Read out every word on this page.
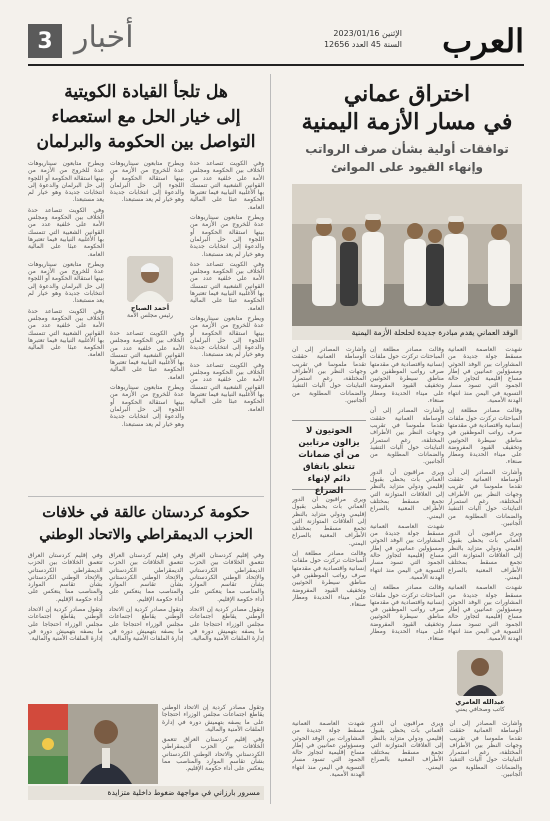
العرب
الإثنين 2023/01/16
السنة 45 العدد 12656
أخبار
3
اختراق عماني
في مسار الأزمة اليمنية
توافقات أولية بشأن صرف الرواتب
وإنهاء القيود على الموانئ
الوفد العماني يقدم مبادرة جديدة لحلحلة الأزمة اليمنية

شهدت العاصمة العمانية مسقط جولة جديدة من المشاورات بين الوفد الحوثي ومسؤولين عمانيين في إطار مساع إقليمية لتجاوز حالة الجمود التي تسود مسار التسوية في اليمن منذ انتهاء الهدنة الأممية.

وقالت مصادر مطلعة إن المباحثات تركزت حول ملفات إنسانية واقتصادية في مقدمتها صرف رواتب الموظفين في مناطق سيطرة الحوثيين وتخفيف القيود المفروضة على ميناء الحديدة ومطار صنعاء.

وأشارت المصادر إلى أن الوساطة العمانية حققت تقدما ملموسا في تقريب وجهات النظر بين الأطراف المختلفة، رغم استمرار التباينات حول آليات التنفيذ والضمانات المطلوبة من الجانبين.

ويرى مراقبون أن الدور العماني بات يحظى بقبول إقليمي ودولي متزايد بالنظر إلى العلاقات المتوازنة التي تجمع مسقط بمختلف الأطراف المعنية بالصراع اليمني.

شهدت العاصمة العمانية مسقط جولة جديدة من المشاورات بين الوفد الحوثي ومسؤولين عمانيين في إطار مساع إقليمية لتجاوز حالة الجمود التي تسود مسار التسوية في اليمن منذ انتهاء الهدنة الأممية.

وقالت مصادر مطلعة إن المباحثات تركزت حول ملفات إنسانية واقتصادية في مقدمتها صرف رواتب الموظفين في مناطق سيطرة الحوثيين وتخفيف القيود المفروضة على ميناء الحديدة ومطار صنعاء.

وأشارت المصادر إلى أن الوساطة العمانية حققت تقدما ملموسا في تقريب وجهات النظر بين الأطراف المختلفة، رغم استمرار التباينات حول آليات التنفيذ والضمانات المطلوبة من الجانبين.

ويرى مراقبون أن الدور العماني بات يحظى بقبول إقليمي ودولي متزايد بالنظر إلى العلاقات المتوازنة التي تجمع مسقط بمختلف الأطراف المعنية بالصراع اليمني.

شهدت العاصمة العمانية مسقط جولة جديدة من المشاورات بين الوفد الحوثي ومسؤولين عمانيين في إطار مساع إقليمية لتجاوز حالة الجمود التي تسود مسار التسوية في اليمن منذ انتهاء الهدنة الأممية.

وقالت مصادر مطلعة إن المباحثات تركزت حول ملفات إنسانية واقتصادية في مقدمتها صرف رواتب الموظفين في مناطق سيطرة الحوثيين وتخفيف القيود المفروضة على ميناء الحديدة ومطار صنعاء.

وأشارت المصادر إلى أن الوساطة العمانية حققت تقدما ملموسا في تقريب وجهات النظر بين الأطراف المختلفة، رغم استمرار التباينات حول آليات التنفيذ والضمانات المطلوبة من الجانبين.

الحوثيون لا يزالون مرتابين من أي ضمانات تتعلق باتفاق دائم لإنهاء الصراع

ويرى مراقبون أن الدور العماني بات يحظى بقبول إقليمي ودولي متزايد بالنظر إلى العلاقات المتوازنة التي تجمع مسقط بمختلف الأطراف المعنية بالصراع اليمني.

وقالت مصادر مطلعة إن المباحثات تركزت حول ملفات إنسانية واقتصادية في مقدمتها صرف رواتب الموظفين في مناطق سيطرة الحوثيين وتخفيف القيود المفروضة على ميناء الحديدة ومطار صنعاء.

عبدالله العامري
كاتب وصحافي يمني

وأشارت المصادر إلى أن الوساطة العمانية حققت تقدما ملموسا في تقريب وجهات النظر بين الأطراف المختلفة، رغم استمرار التباينات حول آليات التنفيذ والضمانات المطلوبة من الجانبين.

ويرى مراقبون أن الدور العماني بات يحظى بقبول إقليمي ودولي متزايد بالنظر إلى العلاقات المتوازنة التي تجمع مسقط بمختلف الأطراف المعنية بالصراع اليمني.

شهدت العاصمة العمانية مسقط جولة جديدة من المشاورات بين الوفد الحوثي ومسؤولين عمانيين في إطار مساع إقليمية لتجاوز حالة الجمود التي تسود مسار التسوية في اليمن منذ انتهاء الهدنة الأممية.

هل تلجأ القيادة الكويتية
إلى خيار الحل مع استعصاء
التواصل بين الحكومة والبرلمان

وفي الكويت تتصاعد حدة الخلاف بين الحكومة ومجلس الأمة على خلفية عدد من القوانين الشعبية التي تتمسك بها الأغلبية النيابية فيما تعتبرها الحكومة عبئا على المالية العامة.

ويطرح متابعون سيناريوهات عدة للخروج من الأزمة من بينها استقالة الحكومة أو اللجوء إلى حل البرلمان والدعوة إلى انتخابات جديدة وهو خيار لم يعد مستبعدا.

وفي الكويت تتصاعد حدة الخلاف بين الحكومة ومجلس الأمة على خلفية عدد من القوانين الشعبية التي تتمسك بها الأغلبية النيابية فيما تعتبرها الحكومة عبئا على المالية العامة.

ويطرح متابعون سيناريوهات عدة للخروج من الأزمة من بينها استقالة الحكومة أو اللجوء إلى حل البرلمان والدعوة إلى انتخابات جديدة وهو خيار لم يعد مستبعدا.

وفي الكويت تتصاعد حدة الخلاف بين الحكومة ومجلس الأمة على خلفية عدد من القوانين الشعبية التي تتمسك بها الأغلبية النيابية فيما تعتبرها الحكومة عبئا على المالية العامة.

أحمد الصباح
رئيس مجلس الأمة

ويطرح متابعون سيناريوهات عدة للخروج من الأزمة من بينها استقالة الحكومة أو اللجوء إلى حل البرلمان والدعوة إلى انتخابات جديدة وهو خيار لم يعد مستبعدا.

وفي الكويت تتصاعد حدة الخلاف بين الحكومة ومجلس الأمة على خلفية عدد من القوانين الشعبية التي تتمسك بها الأغلبية النيابية فيما تعتبرها الحكومة عبئا على المالية العامة.

ويطرح متابعون سيناريوهات عدة للخروج من الأزمة من بينها استقالة الحكومة أو اللجوء إلى حل البرلمان والدعوة إلى انتخابات جديدة وهو خيار لم يعد مستبعدا.

ويطرح متابعون سيناريوهات عدة للخروج من الأزمة من بينها استقالة الحكومة أو اللجوء إلى حل البرلمان والدعوة إلى انتخابات جديدة وهو خيار لم يعد مستبعدا.

وفي الكويت تتصاعد حدة الخلاف بين الحكومة ومجلس الأمة على خلفية عدد من القوانين الشعبية التي تتمسك بها الأغلبية النيابية فيما تعتبرها الحكومة عبئا على المالية العامة.

ويطرح متابعون سيناريوهات عدة للخروج من الأزمة من بينها استقالة الحكومة أو اللجوء إلى حل البرلمان والدعوة إلى انتخابات جديدة وهو خيار لم يعد مستبعدا.

وفي الكويت تتصاعد حدة الخلاف بين الحكومة ومجلس الأمة على خلفية عدد من القوانين الشعبية التي تتمسك بها الأغلبية النيابية فيما تعتبرها الحكومة عبئا على المالية العامة.

حكومة كردستان عالقة في خلافات
الحزب الديمقراطي والاتحاد الوطني

وفي إقليم كردستان العراق تتعمق الخلافات بين الحزب الديمقراطي الكردستاني والاتحاد الوطني الكردستاني بشأن تقاسم الموارد والمناصب مما ينعكس على أداء حكومة الإقليم.

وتقول مصادر كردية إن الاتحاد الوطني يقاطع اجتماعات مجلس الوزراء احتجاجا على ما يصفه بتهميش دوره في إدارة الملفات الأمنية والمالية.

وفي إقليم كردستان العراق تتعمق الخلافات بين الحزب الديمقراطي الكردستاني والاتحاد الوطني الكردستاني بشأن تقاسم الموارد والمناصب مما ينعكس على أداء حكومة الإقليم.

وتقول مصادر كردية إن الاتحاد الوطني يقاطع اجتماعات مجلس الوزراء احتجاجا على ما يصفه بتهميش دوره في إدارة الملفات الأمنية والمالية.

وفي إقليم كردستان العراق تتعمق الخلافات بين الحزب الديمقراطي الكردستاني والاتحاد الوطني الكردستاني بشأن تقاسم الموارد والمناصب مما ينعكس على أداء حكومة الإقليم.

وتقول مصادر كردية إن الاتحاد الوطني يقاطع اجتماعات مجلس الوزراء احتجاجا على ما يصفه بتهميش دوره في إدارة الملفات الأمنية والمالية.

وتقول مصادر كردية إن الاتحاد الوطني يقاطع اجتماعات مجلس الوزراء احتجاجا على ما يصفه بتهميش دوره في إدارة الملفات الأمنية والمالية.

وفي إقليم كردستان العراق تتعمق الخلافات بين الحزب الديمقراطي الكردستاني والاتحاد الوطني الكردستاني بشأن تقاسم الموارد والمناصب مما ينعكس على أداء حكومة الإقليم.

مسرور بارزاني في مواجهة ضغوط داخلية متزايدة
